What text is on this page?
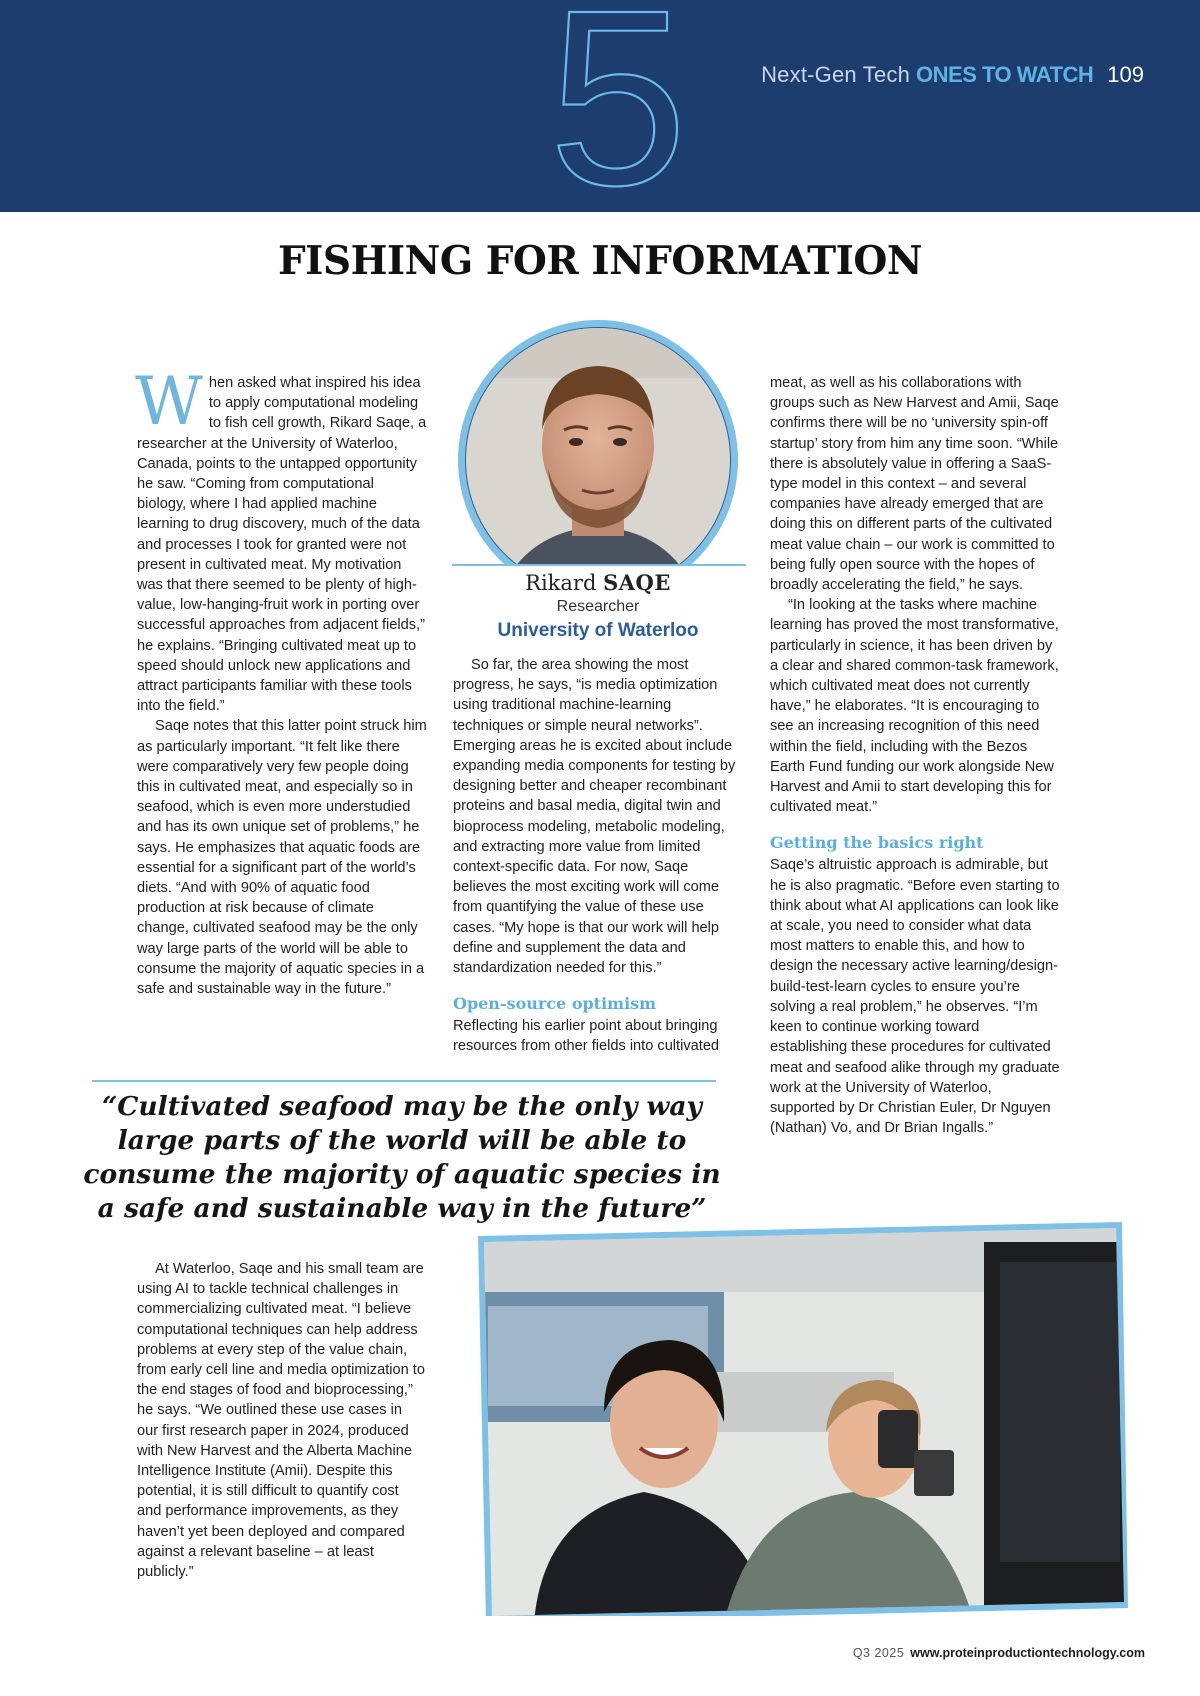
5	Next-Gen Tech ONES TO WATCH 109
FISHING FOR INFORMATION

When asked what inspired his idea to apply computational modeling to fish cell growth, Rikard Saqe, a researcher at the University of Waterloo, Canada, points to the untapped opportunity he saw. “Coming from computational biology, where I had applied machine learning to drug discovery, much of the data and processes I took for granted were not present in cultivated meat. My motivation was that there seemed to be plenty of high-value, low-hanging-fruit work in porting over successful approaches from adjacent fields,” he explains. “Bringing cultivated meat up to speed should unlock new applications and attract participants familiar with these tools into the field.”

Saqe notes that this latter point struck him as particularly important. “It felt like there were comparatively very few people doing this in cultivated meat, and especially so in seafood, which is even more understudied and has its own unique set of problems,” he says. He emphasizes that aquatic foods are essential for a significant part of the world’s diets. “And with 90% of aquatic food production at risk because of climate change, cultivated seafood may be the only way large parts of the world will be able to consume the majority of aquatic species in a safe and sustainable way in the future.”

Rikard SAQE
Researcher
University of Waterloo

So far, the area showing the most progress, he says, “is media optimization using traditional machine-learning techniques or simple neural networks”. Emerging areas he is excited about include expanding media components for testing by designing better and cheaper recombinant proteins and basal media, digital twin and bioprocess modeling, metabolic modeling, and extracting more value from limited context-specific data. For now, Saqe believes the most exciting work will come from quantifying the value of these use cases. “My hope is that our work will help define and supplement the data and standardization needed for this.”

Open-source optimism

Reflecting his earlier point about bringing resources from other fields into cultivated

meat, as well as his collaborations with groups such as New Harvest and Amii, Saqe confirms there will be no ‘university spin-off startup’ story from him any time soon. “While there is absolutely value in offering a SaaS-type model in this context – and several companies have already emerged that are doing this on different parts of the cultivated meat value chain – our work is committed to being fully open source with the hopes of broadly accelerating the field,” he says.

“In looking at the tasks where machine learning has proved the most transformative, particularly in science, it has been driven by a clear and shared common-task framework, which cultivated meat does not currently have,” he elaborates. “It is encouraging to see an increasing recognition of this need within the field, including with the Bezos Earth Fund funding our work alongside New Harvest and Amii to start developing this for cultivated meat.”

Getting the basics right

Saqe’s altruistic approach is admirable, but he is also pragmatic. “Before even starting to think about what AI applications can look like at scale, you need to consider what data most matters to enable this, and how to design the necessary active learning/design-build-test-learn cycles to ensure you’re solving a real problem,” he observes. “I’m keen to continue working toward establishing these procedures for cultivated meat and seafood alike through my graduate work at the University of Waterloo, supported by Dr Christian Euler, Dr Nguyen (Nathan) Vo, and Dr Brian Ingalls.”

“Cultivated seafood may be the only way large parts of the world will be able to consume the majority of aquatic species in a safe and sustainable way in the future”

At Waterloo, Saqe and his small team are using AI to tackle technical challenges in commercializing cultivated meat. “I believe computational techniques can help address problems at every step of the value chain, from early cell line and media optimization to the end stages of food and bioprocessing,” he says. “We outlined these use cases in our first research paper in 2024, produced with New Harvest and the Alberta Machine Intelligence Institute (Amii). Despite this potential, it is still difficult to quantify cost and performance improvements, as they haven’t yet been deployed and compared against a relevant baseline – at least publicly.”

Q3 2025 www.proteinproductiontechnology.com
